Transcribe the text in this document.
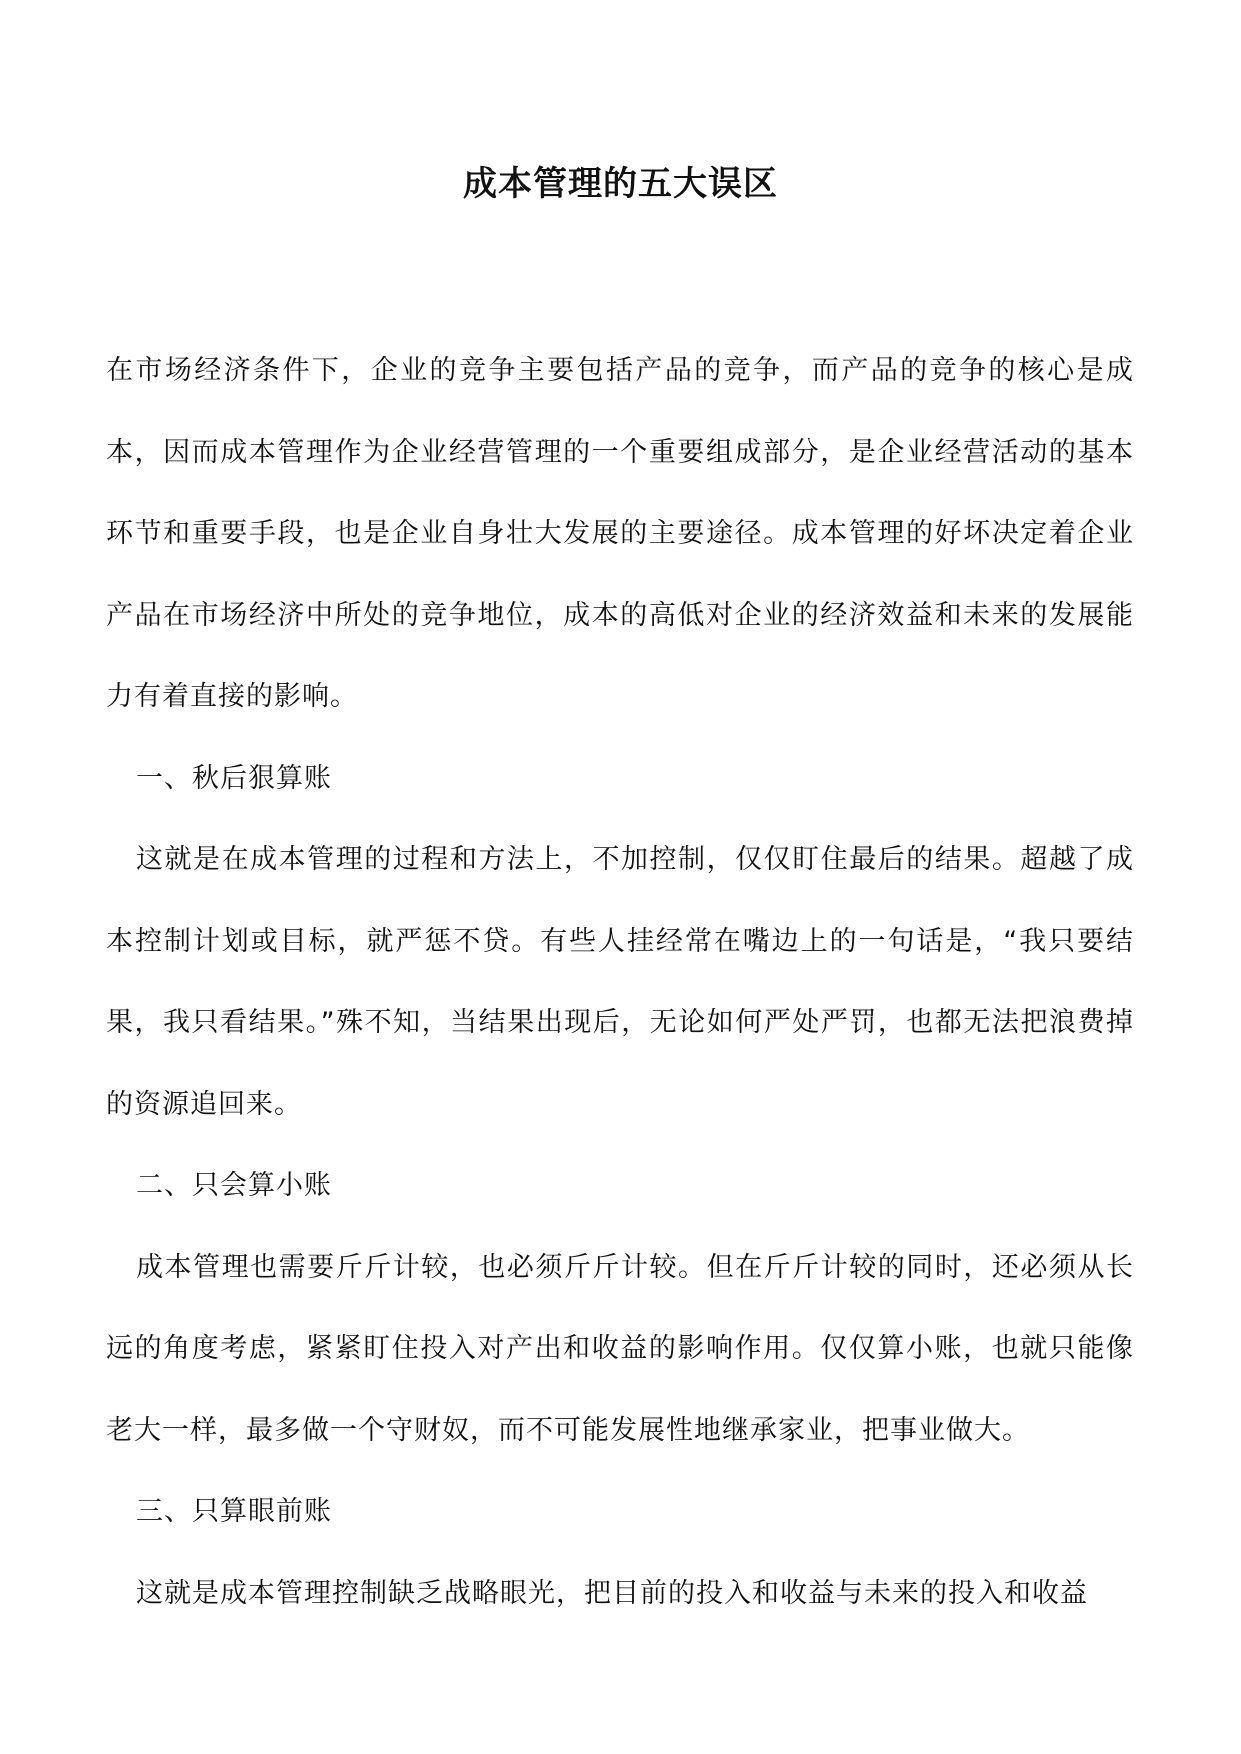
成本管理的五大误区

在市场经济条件下，企业的竞争主要包括产品的竞争，而产品的竞争的核心是成本，因而成本管理作为企业经营管理的一个重要组成部分，是企业经营活动的基本环节和重要手段，也是企业自身壮大发展的主要途径。成本管理的好坏决定着企业产品在市场经济中所处的竞争地位，成本的高低对企业的经济效益和未来的发展能力有着直接的影响。

一、秋后狠算账

这就是在成本管理的过程和方法上，不加控制，仅仅盯住最后的结果。超越了成本控制计划或目标，就严惩不贷。有些人挂经常在嘴边上的一句话是，“我只要结果，我只看结果。”殊不知，当结果出现后，无论如何严处严罚，也都无法把浪费掉的资源追回来。

二、只会算小账

成本管理也需要斤斤计较，也必须斤斤计较。但在斤斤计较的同时，还必须从长远的角度考虑，紧紧盯住投入对产出和收益的影响作用。仅仅算小账，也就只能像老大一样，最多做一个守财奴，而不可能发展性地继承家业，把事业做大。

三、只算眼前账

这就是成本管理控制缺乏战略眼光，把目前的投入和收益与未来的投入和收益
